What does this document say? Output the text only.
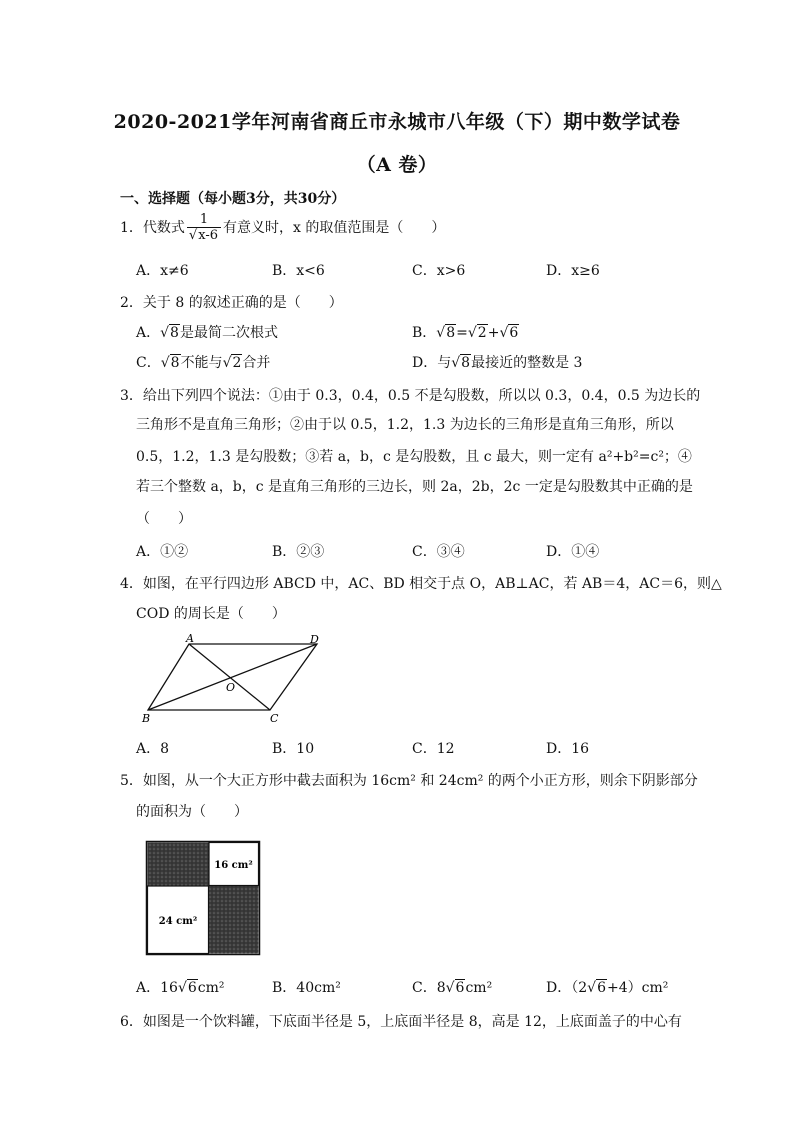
2020-2021学年河南省商丘市永城市八年级（下）期中数学试卷
（A 卷）
一、选择题（每小题3分，共30分）
1．代数式 $\frac{1}{√x-6}$ 有意义时，x 的取值范围是（　　）
A．x≠6	B．x<6	C．x>6	D．x≥6
2．关于 8 的叙述正确的是（　　）
A．√8是最简二次根式	B．√8=√2+√6
C．√8不能与√2合并	D．与√8最接近的整数是 3
3．给出下列四个说法：①由于 0.3，0.4，0.5 不是勾股数，所以以 0.3，0.4，0.5 为边长的
三角形不是直角三角形；②由于以 0.5，1.2，1.3 为边长的三角形是直角三角形，所以
0.5，1.2，1.3 是勾股数；③若 a，b，c 是勾股数，且 c 最大，则一定有 a²+b²=c²；④
若三个整数 a，b，c 是直角三角形的三边长，则 2a，2b，2c 一定是勾股数其中正确的是
（　　）
A．①②	B．②③	C．③④	D．①④
4．如图，在平行四边形 ABCD 中，AC、BD 相交于点 O，AB⊥AC，若 AB＝4，AC＝6，则△
COD 的周长是（　　）
A	D
B	C
O
A．8	B．10	C．12	D．16
5．如图，从一个大正方形中截去面积为 16cm² 和 24cm² 的两个小正方形，则余下阴影部分
的面积为（　　）
16 cm²
24 cm²
A．16√6cm²	B．40cm²	C．8√6cm²	D．（2√6+4）cm²
6．如图是一个饮料罐，下底面半径是 5，上底面半径是 8，高是 12，上底面盖子的中心有
